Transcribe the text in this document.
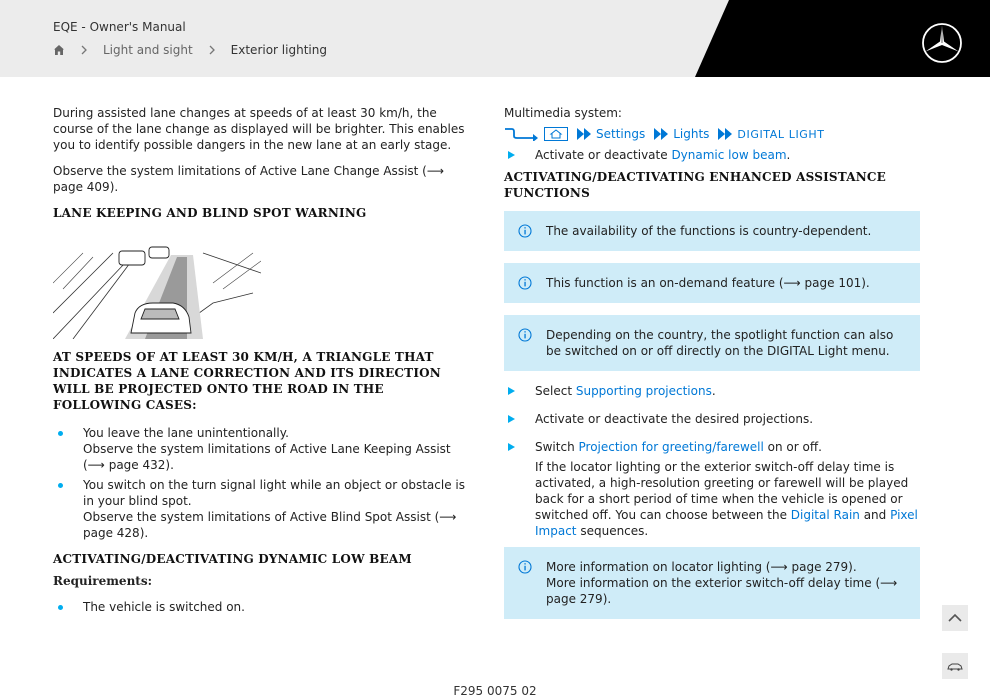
EQE - Owner's Manual
Light and sight	Exterior lighting

During assisted lane changes at speeds of at least 30 km/h, the course of the lane change as displayed will be brighter. This enables you to identify possible dangers in the new lane at an early stage.

Observe the system limitations of Active Lane Change Assist (⟶ page 409).

LANE KEEPING AND BLIND SPOT WARNING
AT SPEEDS OF AT LEAST 30 KM/H, A TRIANGLE THAT INDICATES A LANE CORRECTION AND ITS DIRECTION WILL BE PROJECTED ONTO THE ROAD IN THE FOLLOWING CASES:
You leave the lane unintentionally.
Observe the system limitations of Active Lane Keeping Assist (⟶ page 432).
You switch on the turn signal light while an object or obstacle is in your blind spot.
Observe the system limitations of Active Blind Spot Assist (⟶ page 428).
ACTIVATING/DEACTIVATING DYNAMIC LOW BEAM
Requirements:
The vehicle is switched on.
Multimedia system:
Settings Lights	DIGITAL LIGHT
Activate or deactivate Dynamic low beam.
ACTIVATING/DEACTIVATING ENHANCED ASSISTANCE FUNCTIONS
The availability of the functions is country-dependent.
This function is an on-demand feature (⟶ page 101).
Depending on the country, the spotlight function can also be switched on or off directly on the DIGITAL Light menu.
Select Supporting projections.
Activate or deactivate the desired projections.
Switch Projection for greeting/farewell on or off.
If the locator lighting or the exterior switch-off delay time is activated, a high-resolution greeting or farewell will be played back for a short period of time when the vehicle is opened or switched off. You can choose between the Digital Rain and Pixel Impact sequences.
More information on locator lighting (⟶ page 279).
More information on the exterior switch-off delay time (⟶ page 279).
F295 0075 02
